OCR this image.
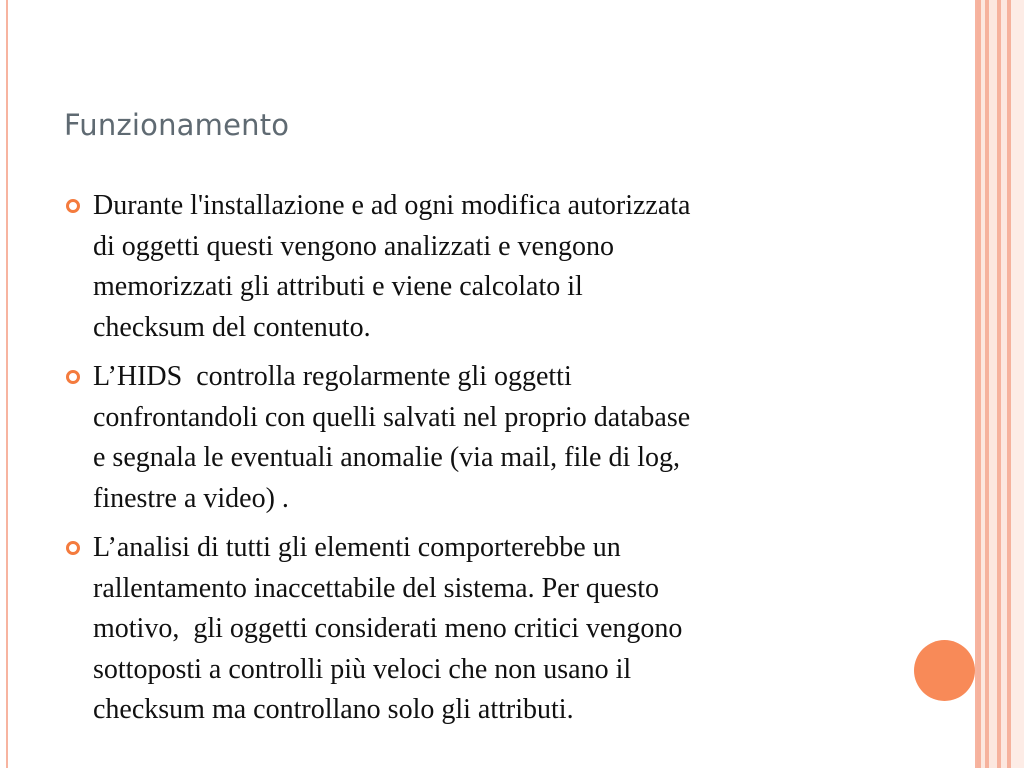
Funzionamento
Durante l'installazione e ad ogni modifica autorizzata
di oggetti questi vengono analizzati e vengono
memorizzati gli attributi e viene calcolato il
checksum del contenuto.
L’HIDS  controlla regolarmente gli oggetti
confrontandoli con quelli salvati nel proprio database
e segnala le eventuali anomalie (via mail, file di log,
finestre a video) .
L’analisi di tutti gli elementi comporterebbe un
rallentamento inaccettabile del sistema. Per questo
motivo,  gli oggetti considerati meno critici vengono
sottoposti a controlli più veloci che non usano il
checksum ma controllano solo gli attributi.
